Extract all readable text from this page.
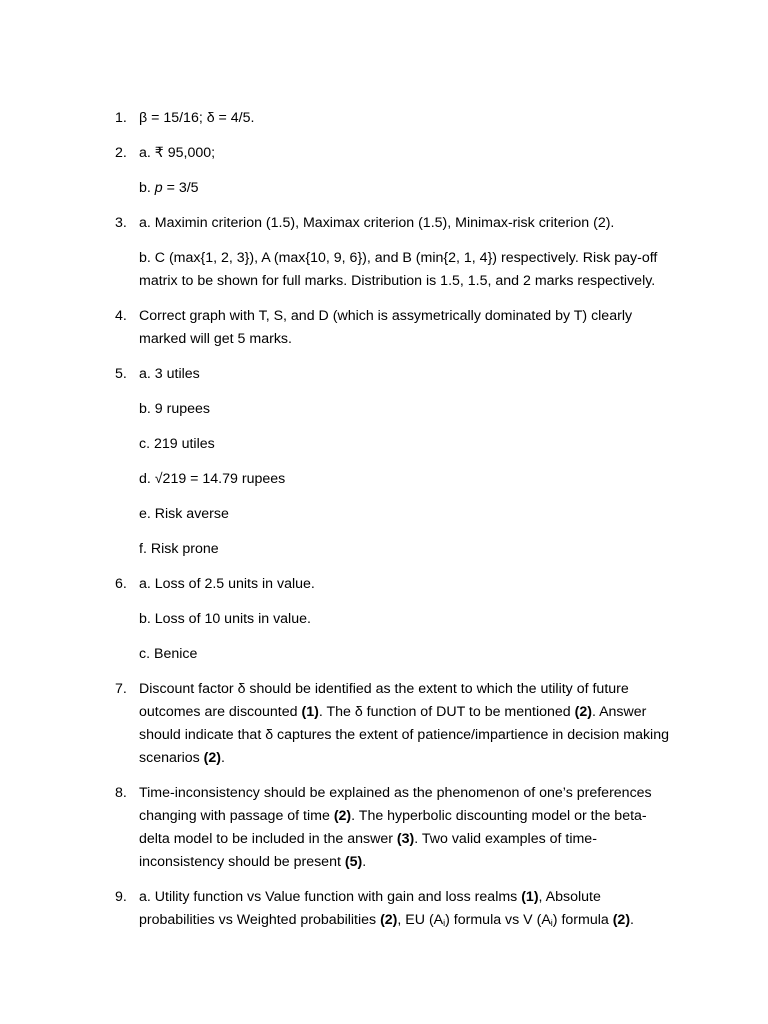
1. β = 15/16; δ = 4/5.
2. a. ₹ 95,000;
b. p = 3/5
3. a. Maximin criterion (1.5), Maximax criterion (1.5), Minimax-risk criterion (2).
b. C (max{1, 2, 3}), A (max{10, 9, 6}), and B (min{2, 1, 4}) respectively. Risk pay-off matrix to be shown for full marks. Distribution is 1.5, 1.5, and 2 marks respectively.
4. Correct graph with T, S, and D (which is assymetrically dominated by T) clearly marked will get 5 marks.
5. a. 3 utiles
b. 9 rupees
c. 219 utiles
d. √219 = 14.79 rupees
e. Risk averse
f. Risk prone
6. a. Loss of 2.5 units in value.
b. Loss of 10 units in value.
c. Benice
7. Discount factor δ should be identified as the extent to which the utility of future outcomes are discounted (1). The δ function of DUT to be mentioned (2). Answer should indicate that δ captures the extent of patience/impartience in decision making scenarios (2).
8. Time-inconsistency should be explained as the phenomenon of one’s preferences changing with passage of time (2). The hyperbolic discounting model or the beta-delta model to be included in the answer (3). Two valid examples of time-inconsistency should be present (5).
9. a. Utility function vs Value function with gain and loss realms (1), Absolute probabilities vs Weighted probabilities (2), EU $(A_i)$ formula vs V $(A_i)$ formula (2).
